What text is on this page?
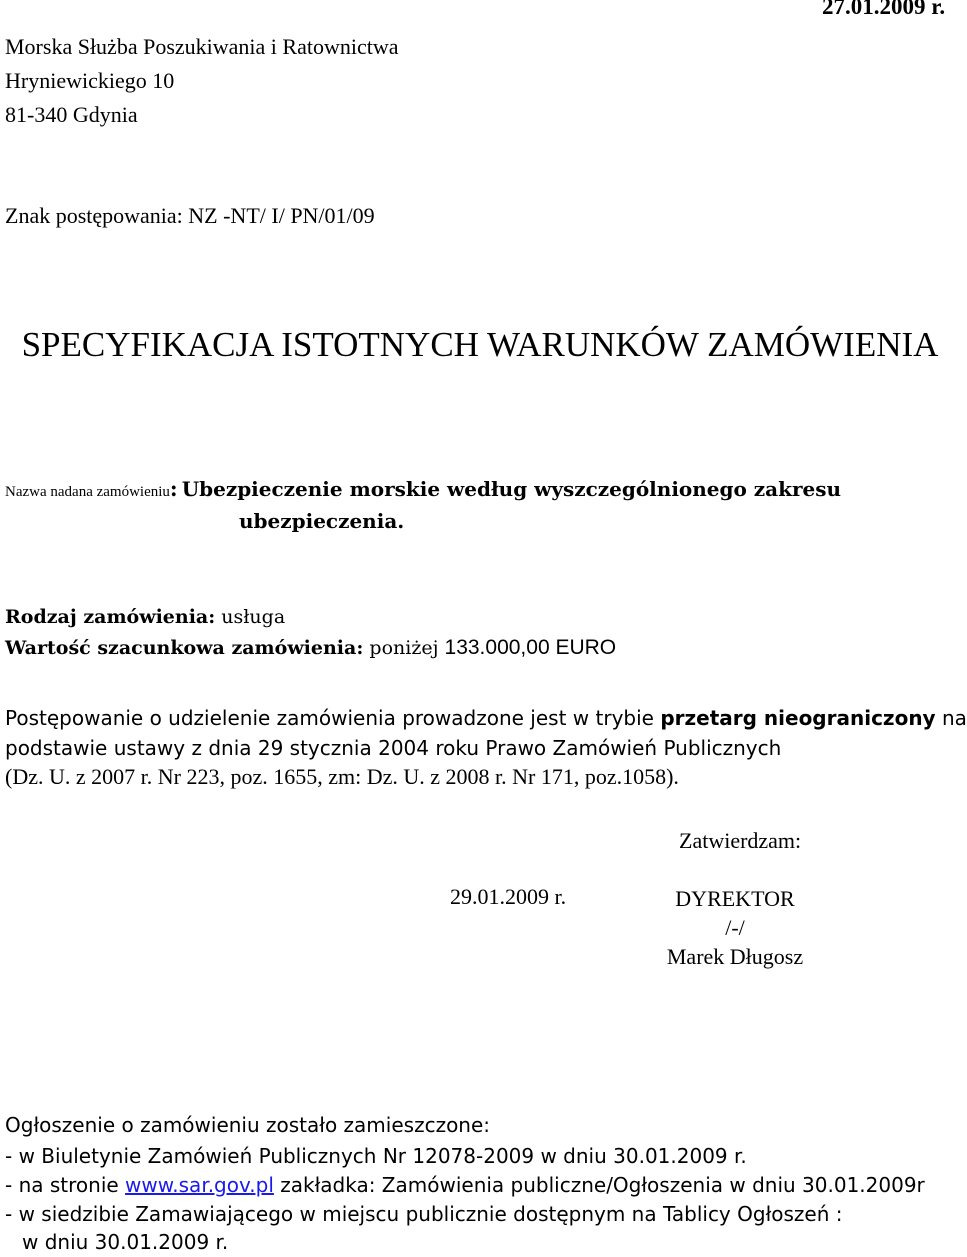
Morska Służba Poszukiwania i Ratownictwa
Hryniewickiego 10
81-340 Gdynia
27.01.2009 r.
Znak postępowania: NZ -NT/ I/ PN/01/09
SPECYFIKACJA ISTOTNYCH WARUNKÓW ZAMÓWIENIA
Nazwa nadana zamówieniu: Ubezpieczenie morskie według wyszczególnionego zakresu
ubezpieczenia.
Rodzaj zamówienia: usługa
Wartość szacunkowa zamówienia: poniżej 133.000,00 EURO
Postępowanie o udzielenie zamówienia prowadzone jest w trybie przetarg nieograniczony na
podstawie ustawy z dnia 29 stycznia 2004 roku Prawo Zamówień Publicznych
(Dz. U. z 2007 r. Nr 223, poz. 1655, zm: Dz. U. z 2008 r. Nr 171, poz.1058).
Zatwierdzam:
29.01.2009 r.	DYREKTOR
/-/
Marek Długosz
Ogłoszenie o zamówieniu zostało zamieszczone:
- w Biuletynie Zamówień Publicznych Nr 12078-2009 w dniu 30.01.2009 r.
- na stronie www.sar.gov.pl zakładka: Zamówienia publiczne/Ogłoszenia w dniu 30.01.2009r
- w siedzibie Zamawiającego w miejscu publicznie dostępnym na Tablicy Ogłoszeń :
w dniu 30.01.2009 r.
